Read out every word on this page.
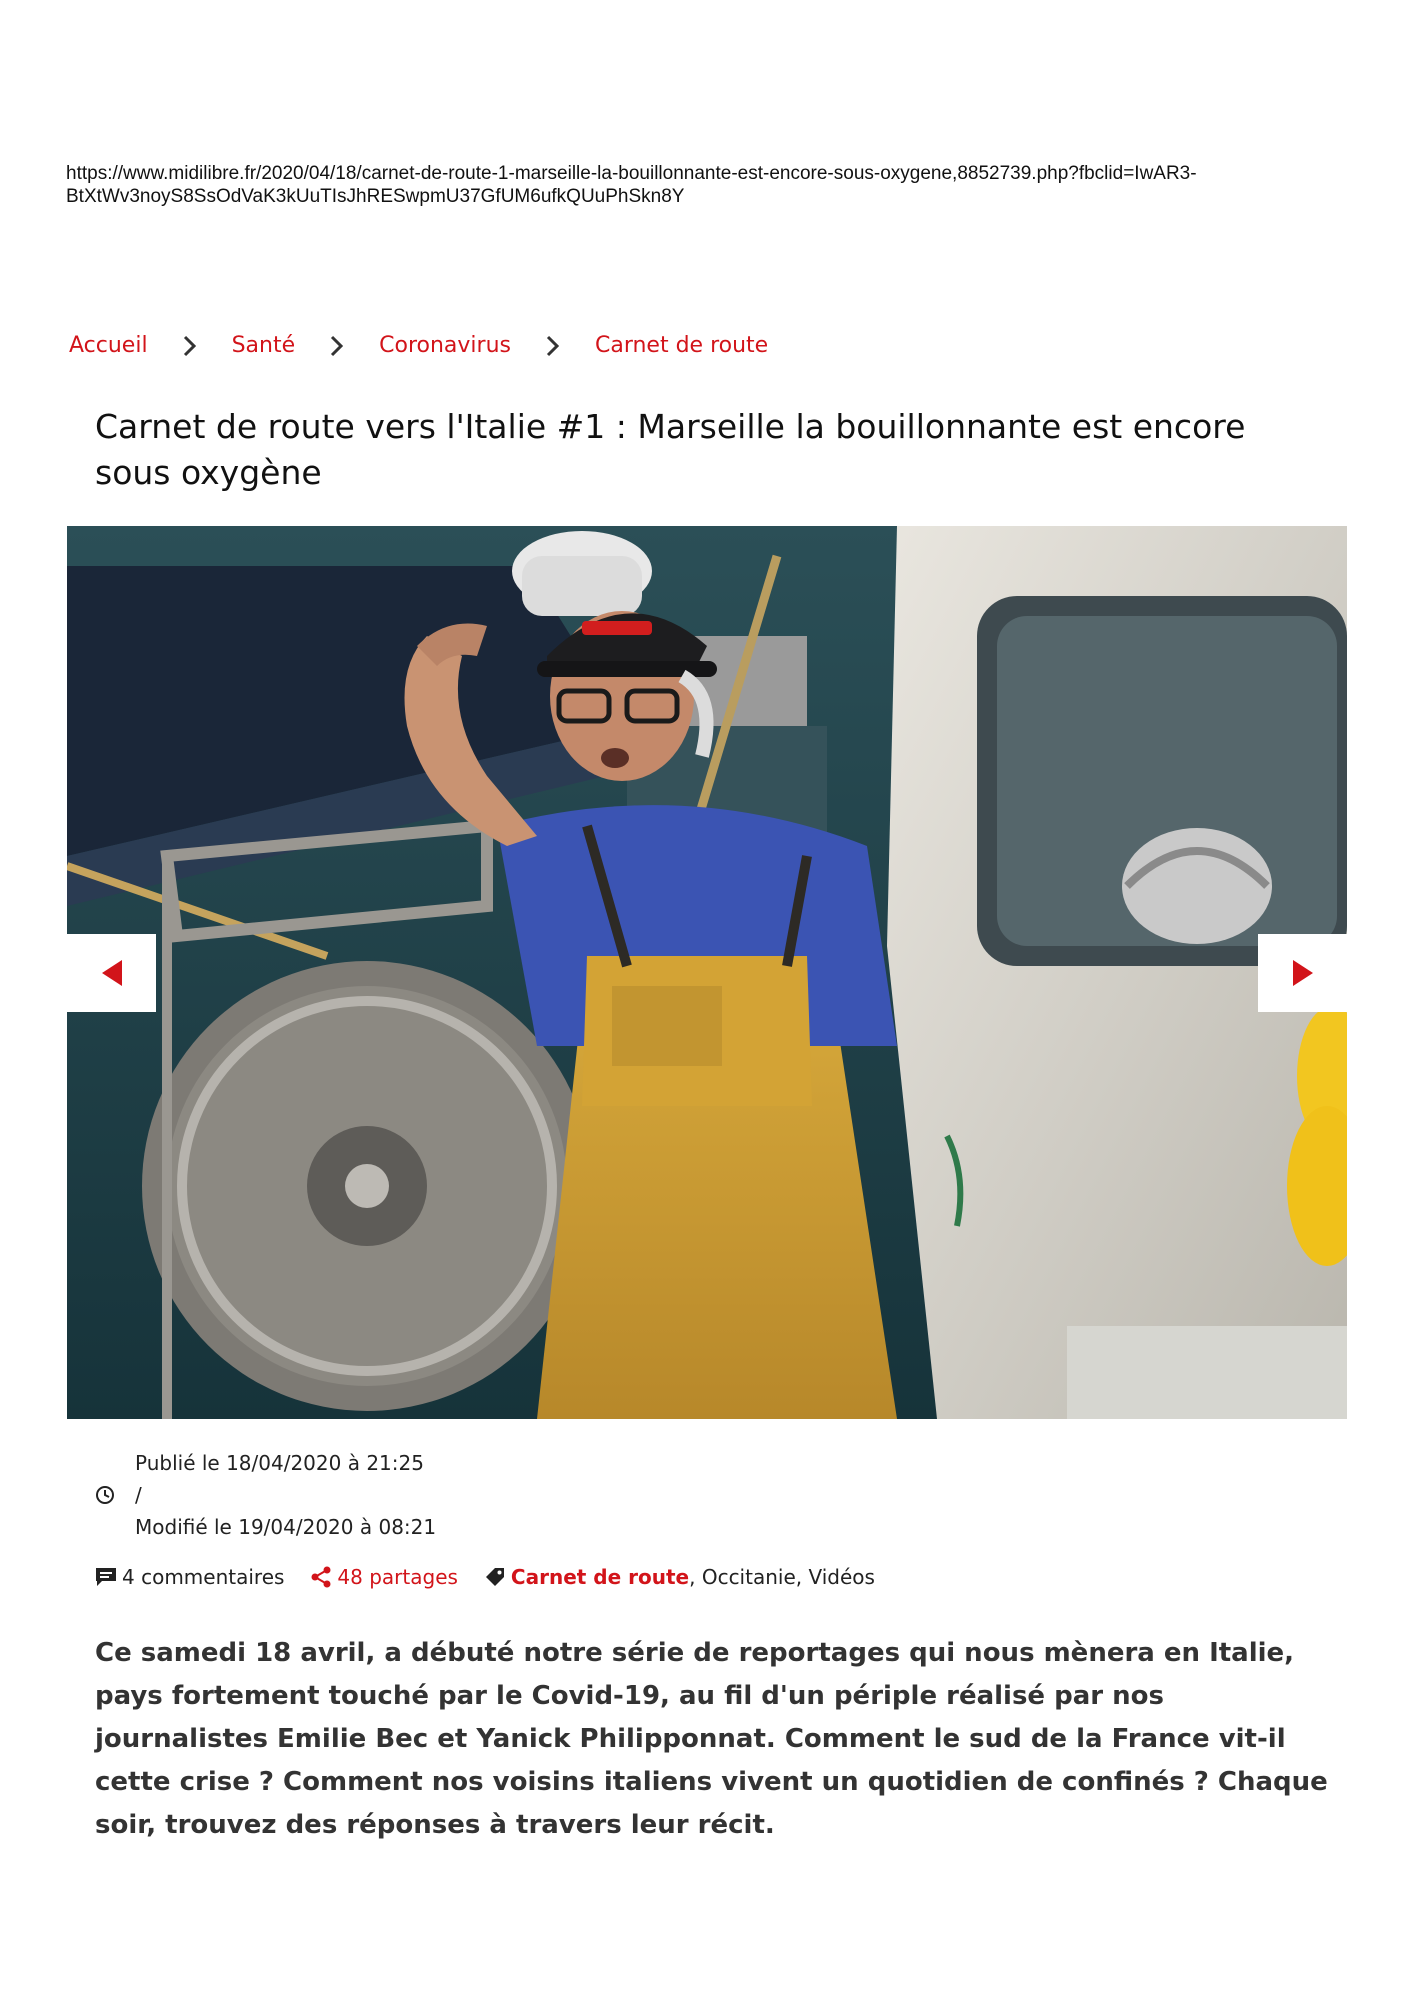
https://www.midilibre.fr/2020/04/18/carnet-de-route-1-marseille-la-bouillonnante-est-encore-sous-oxygene,8852739.php?fbclid=IwAR3-
BtXtWv3noyS8SsOdVaK3kUuTIsJhRESwpmU37GfUM6ufkQUuPhSkn8Y
Accueil	Santé	Coronavirus	Carnet de route
Carnet de route vers l'Italie #1 : Marseille la bouillonnante est encore sous oxygène
Publié le 18/04/2020 à 21:25
/
Modifié le 19/04/2020 à 08:21
4 commentaires	48 partages	Carnet de route , Occitanie, Vidéos

Ce samedi 18 avril, a débuté notre série de reportages qui nous mènera en Italie, pays fortement touché par le Covid-19, au fil d'un périple réalisé par nos journalistes Emilie Bec et Yanick Philipponnat. Comment le sud de la France vit-il cette crise ? Comment nos voisins italiens vivent un quotidien de confinés ? Chaque soir, trouvez des réponses à travers leur récit.
